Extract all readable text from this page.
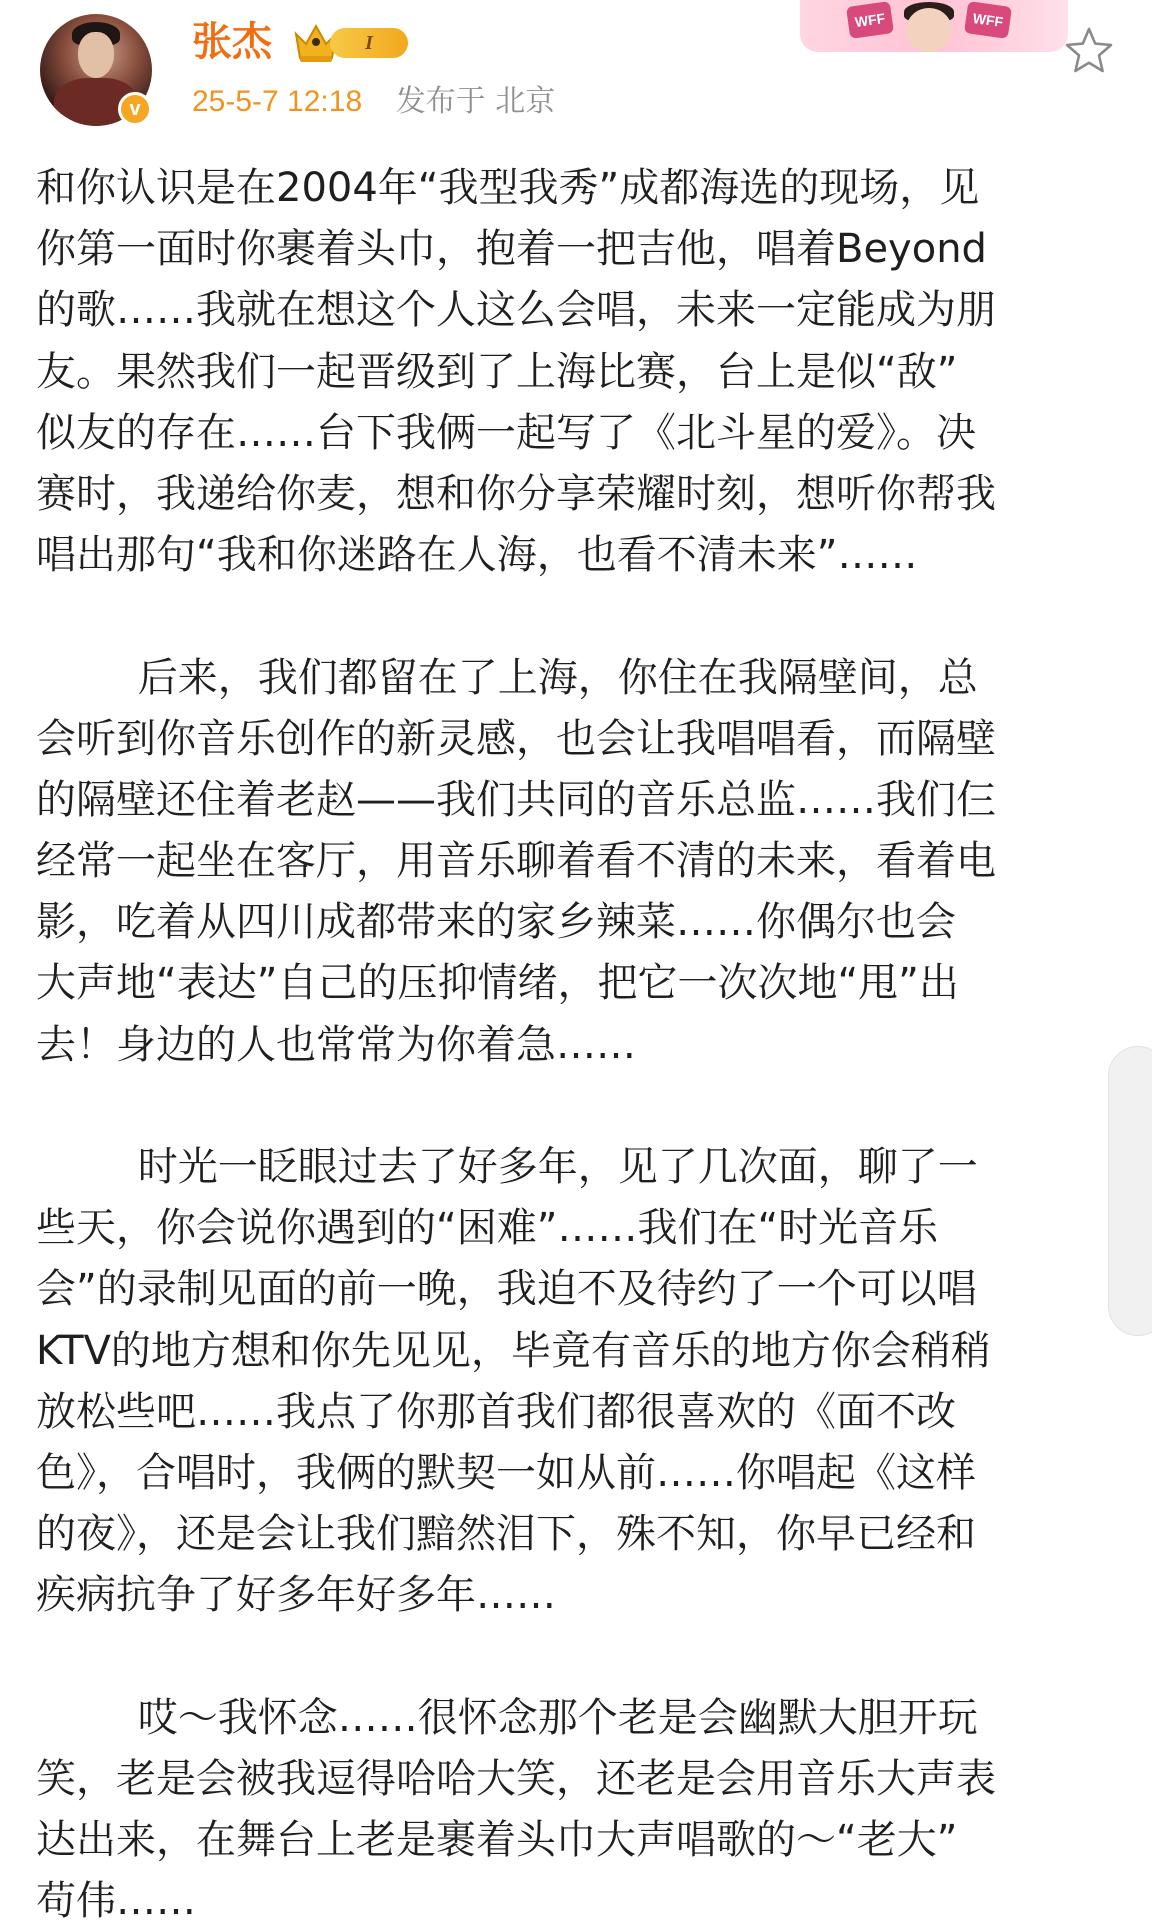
WFF	WFF
v
张杰	I
25-5-7 12:18 发布于 北京
和你认识是在2004年“我型我秀”成都海选的现场，见
你第一面时你裹着头巾，抱着一把吉他，唱着Beyond
的歌……我就在想这个人这么会唱，未来一定能成为朋
友。果然我们一起晋级到了上海比赛，台上是似“敌”
似友的存在……台下我俩一起写了《北斗星的爱》。决
赛时，我递给你麦，想和你分享荣耀时刻，想听你帮我
唱出那句“我和你迷路在人海，也看不清未来”……
后来，我们都留在了上海，你住在我隔壁间，总
会听到你音乐创作的新灵感，也会让我唱唱看，而隔壁
的隔壁还住着老赵——我们共同的音乐总监……我们仨
经常一起坐在客厅，用音乐聊着看不清的未来，看着电
影，吃着从四川成都带来的家乡辣菜……你偶尔也会
大声地“表达”自己的压抑情绪，把它一次次地“甩”出
去！身边的人也常常为你着急……
时光一眨眼过去了好多年，见了几次面，聊了一
些天，你会说你遇到的“困难”……我们在“时光音乐
会”的录制见面的前一晚，我迫不及待约了一个可以唱
KTV的地方想和你先见见，毕竟有音乐的地方你会稍稍
放松些吧……我点了你那首我们都很喜欢的《面不改
色》，合唱时，我俩的默契一如从前……你唱起《这样
的夜》，还是会让我们黯然泪下，殊不知，你早已经和
疾病抗争了好多年好多年……
哎～我怀念……很怀念那个老是会幽默大胆开玩
笑，老是会被我逗得哈哈大笑，还老是会用音乐大声表
达出来，在舞台上老是裹着头巾大声唱歌的～“老大”
苟伟……
